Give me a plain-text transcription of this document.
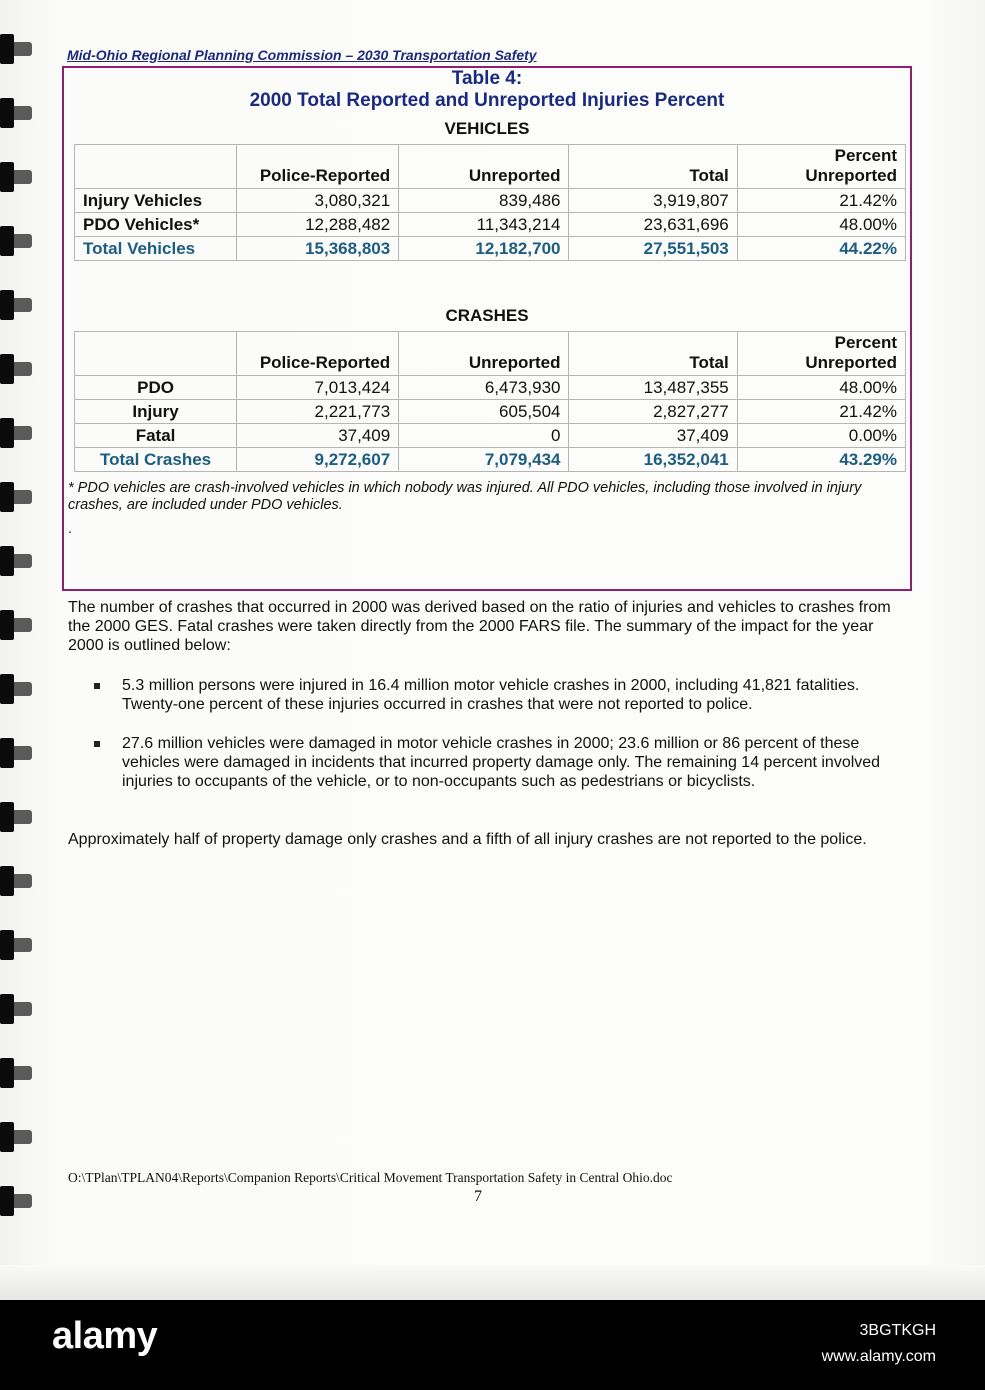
Mid-Ohio Regional Planning Commission – 2030 Transportation Safety
Table 4:
2000 Total Reported and Unreported Injuries Percent
VEHICLES
	Police-Reported	Unreported	Total	Percent Unreported
Injury Vehicles	3,080,321	839,486	3,919,807	21.42%
PDO Vehicles*	12,288,482	11,343,214	23,631,696	48.00%
Total Vehicles	15,368,803	12,182,700	27,551,503	44.22%
CRASHES
	Police-Reported	Unreported	Total	Percent Unreported
PDO	7,013,424	6,473,930	13,487,355	48.00%
Injury	2,221,773	605,504	2,827,277	21.42%
Fatal	37,409	0	37,409	0.00%
Total Crashes	9,272,607	7,079,434	16,352,041	43.29%
* PDO vehicles are crash-involved vehicles in which nobody was injured. All PDO vehicles, including those involved in injury crashes, are included under PDO vehicles.
.
The number of crashes that occurred in 2000 was derived based on the ratio of injuries and vehicles to crashes from the 2000 GES. Fatal crashes were taken directly from the 2000 FARS file. The summary of the impact for the year 2000 is outlined below:
5.3 million persons were injured in 16.4 million motor vehicle crashes in 2000, including 41,821 fatalities. Twenty-one percent of these injuries occurred in crashes that were not reported to police.
27.6 million vehicles were damaged in motor vehicle crashes in 2000; 23.6 million or 86 percent of these vehicles were damaged in incidents that incurred property damage only. The remaining 14 percent involved injuries to occupants of the vehicle, or to non-occupants such as pedestrians or bicyclists.
Approximately half of property damage only crashes and a fifth of all injury crashes are not reported to the police.
O:\TPlan\TPLAN04\Reports\Companion Reports\Critical Movement Transportation Safety in Central Ohio.doc
7
alamy	3BGTKGH
www.alamy.com
